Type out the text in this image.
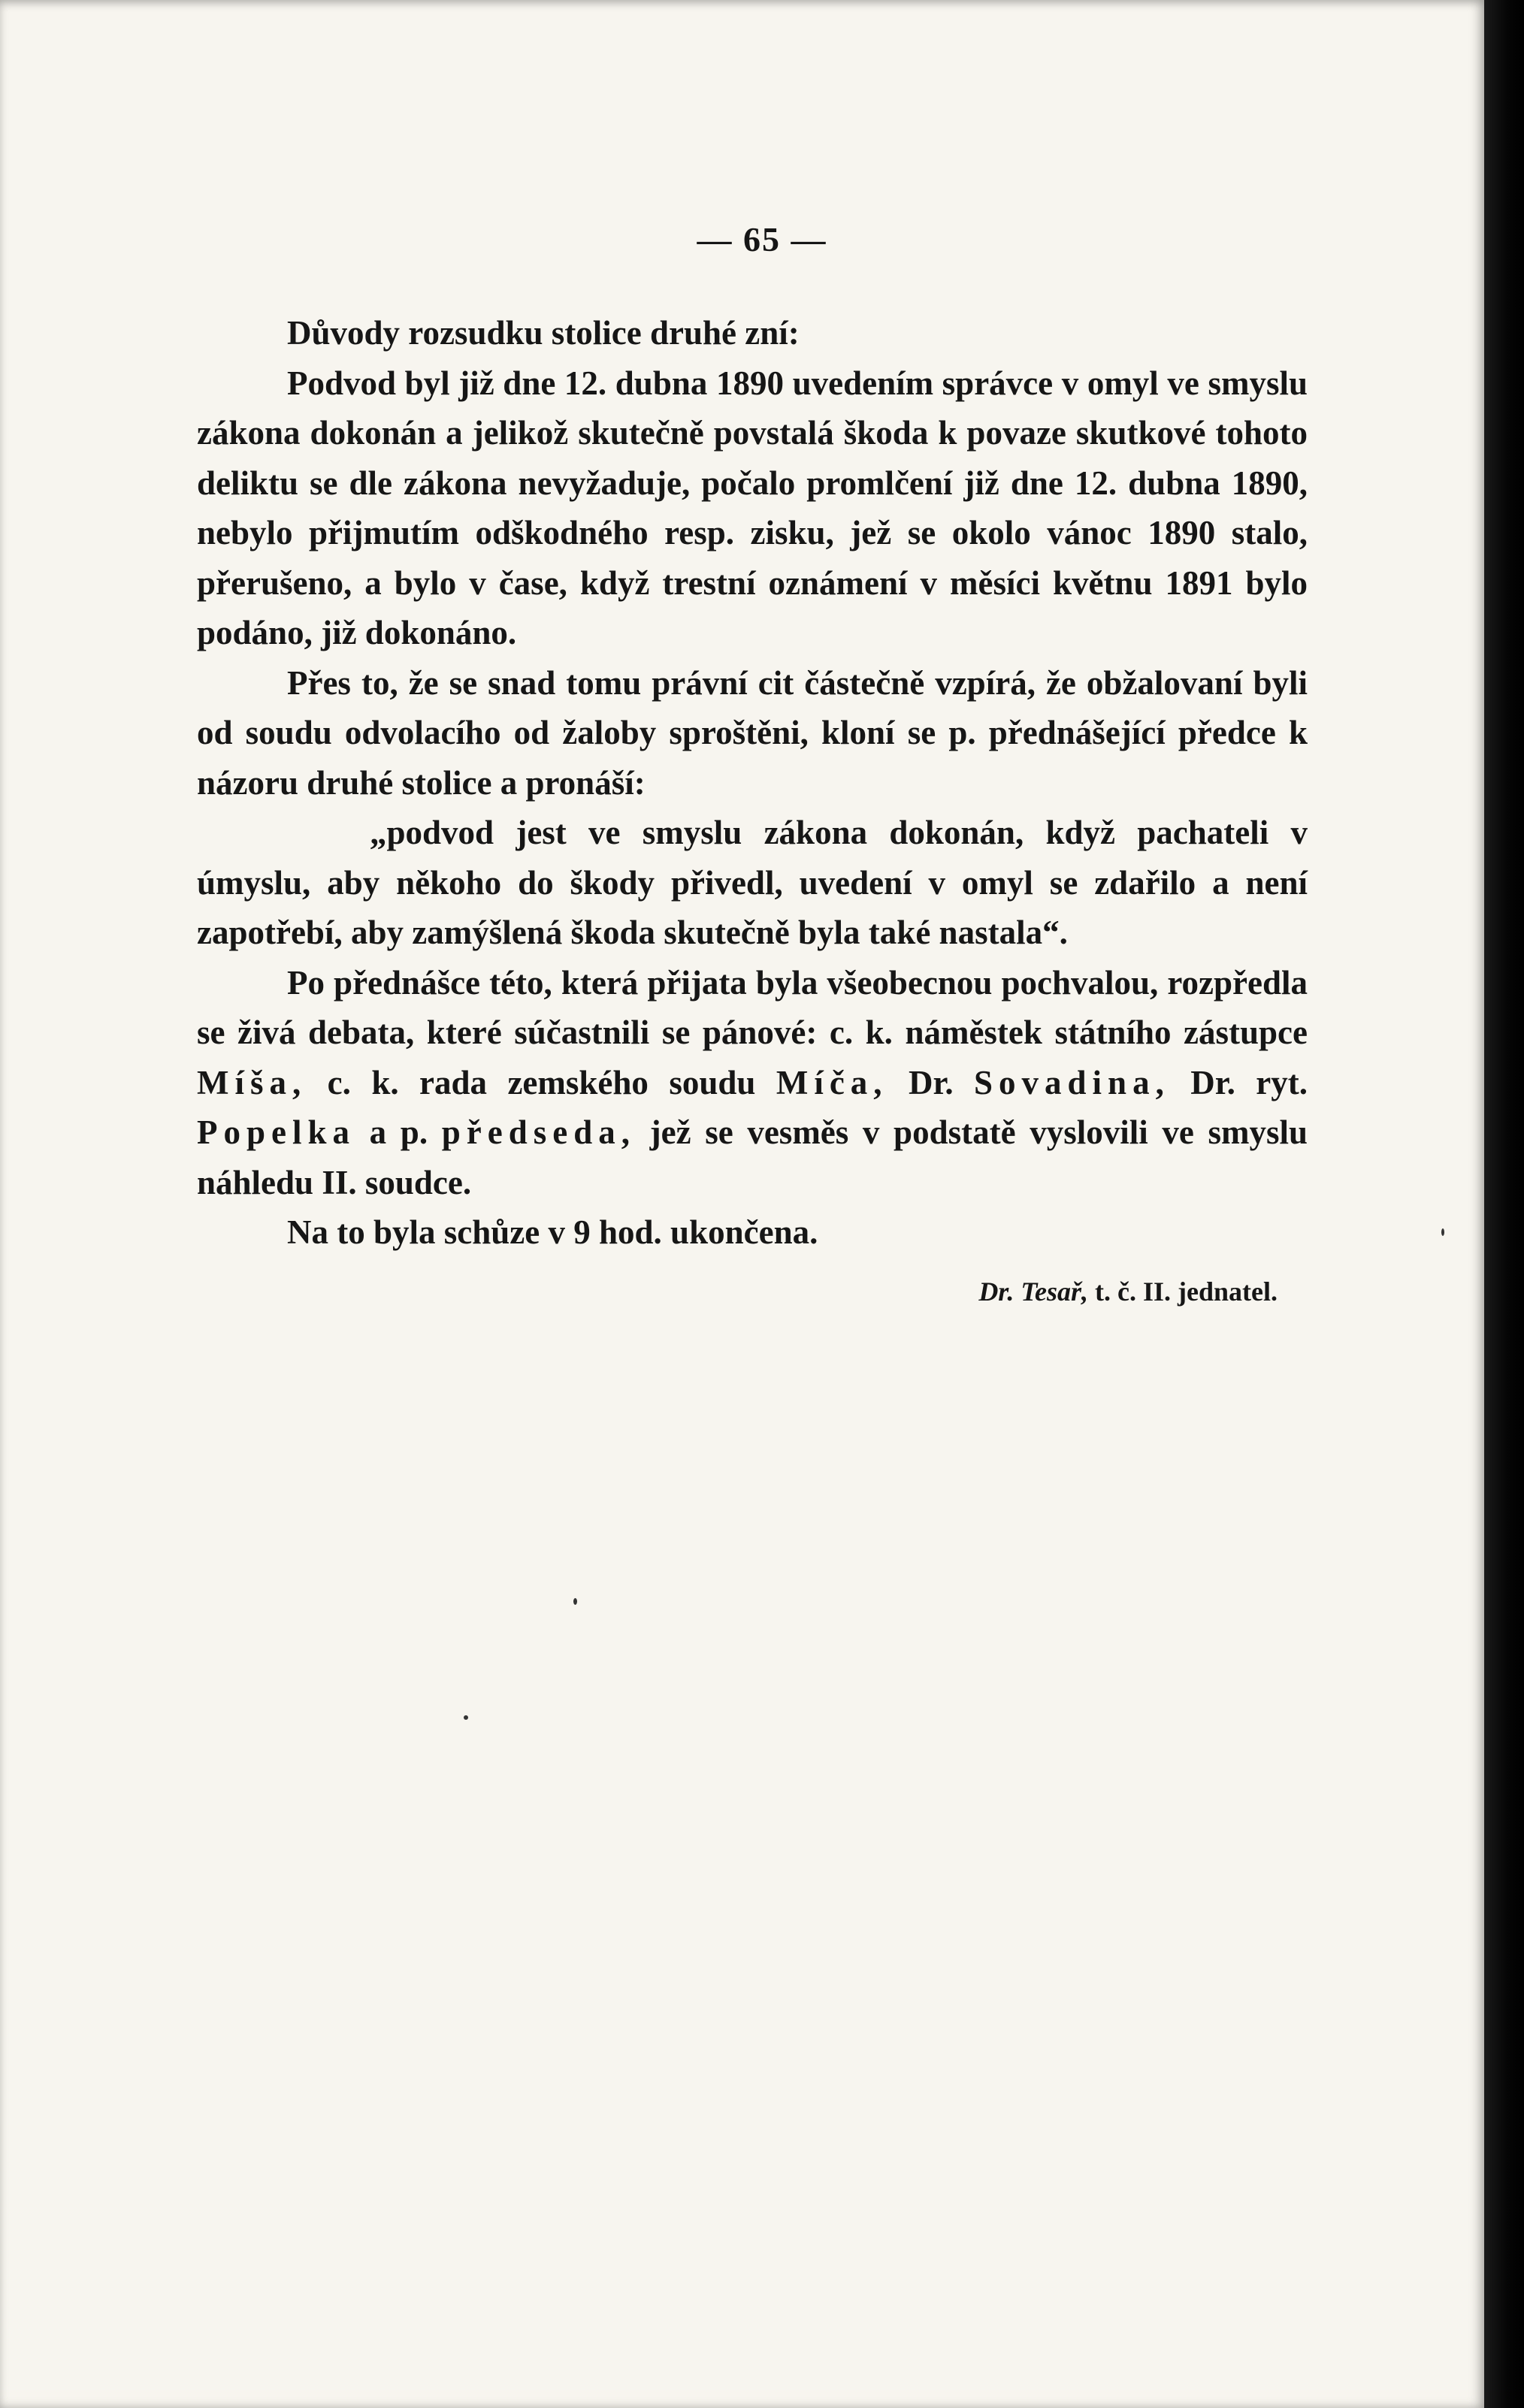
— 65 —

Důvody rozsudku stolice druhé zní:

Podvod byl již dne 12. dubna 1890 uvedením správce v omyl ve smyslu zákona dokonán a jelikož skutečně povstalá škoda k povaze skutkové tohoto deliktu se dle zákona nevyžaduje, počalo promlčení již dne 12. dubna 1890, nebylo přijmutím odškodného resp. zisku, jež se okolo vánoc 1890 stalo, přerušeno, a bylo v čase, když trestní oznámení v měsíci květnu 1891 bylo podáno, již dokonáno.

Přes to, že se snad tomu právní cit částečně vzpírá, že obžalovaní byli od soudu odvolacího od žaloby sproštěni, kloní se p. přednášející předce k názoru druhé stolice a pronáší:

„podvod jest ve smyslu zákona dokonán, když pachateli v úmyslu, aby někoho do škody přivedl, uvedení v omyl se zdařilo a není zapotřebí, aby zamýšlená škoda skutečně byla také nastala“.

Po přednášce této, která přijata byla všeobecnou pochvalou, rozpředla se živá debata, které súčastnili se pánové: c. k. náměstek státního zástupce Míša, c. k. rada zemského soudu Míča, Dr. Sovadina, Dr. ryt. Popelka a p. předseda, jež se vesměs v podstatě vyslovili ve smyslu náhledu II. soudce.

Na to byla schůze v 9 hod. ukončena.

Dr. Tesař, t. č. II. jednatel.
